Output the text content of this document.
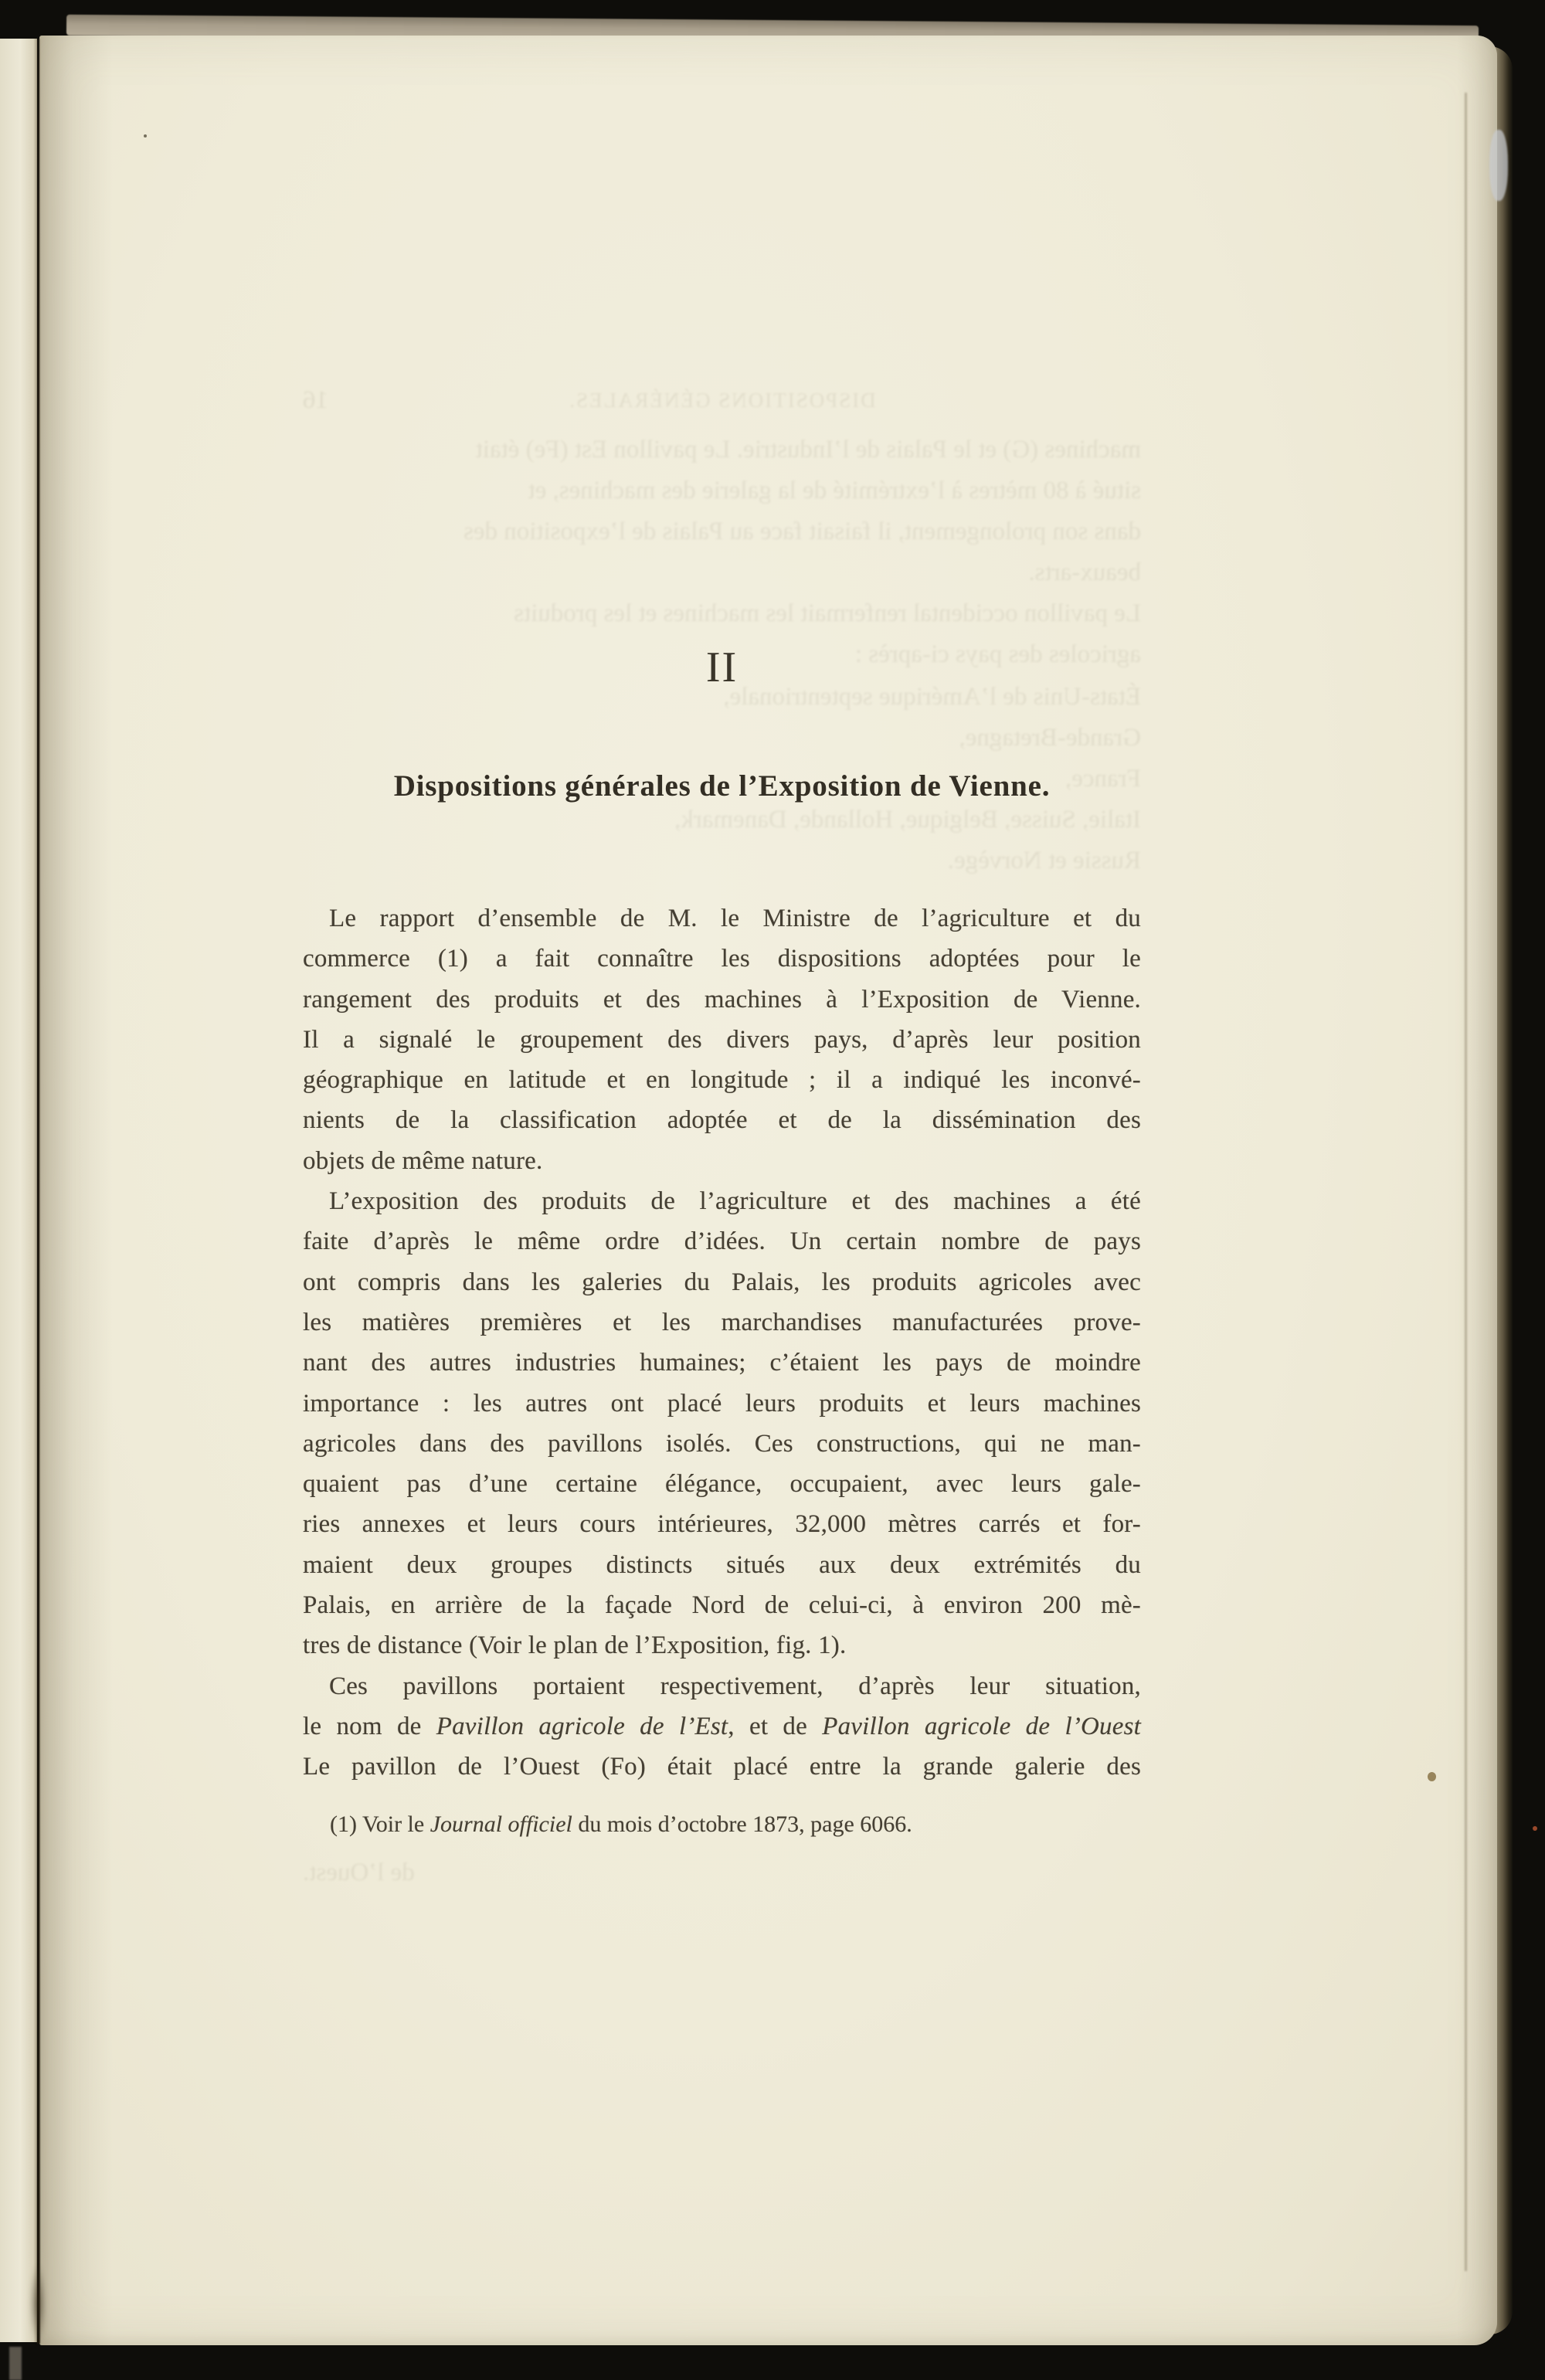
II
Dispositions générales de l’Exposition de Vienne.
Le rapport d’ensemble de M. le Ministre de l’agriculture et du
commerce (1) a fait connaître les dispositions adoptées pour le
rangement des produits et des machines à l’Exposition de Vienne.
Il a signalé le groupement des divers pays, d’après leur position
géographique en latitude et en longitude ; il a indiqué les inconvé-
nients de la classification adoptée et de la dissémination des
objets de même nature.
L’exposition des produits de l’agriculture et des machines a été
faite d’après le même ordre d’idées. Un certain nombre de pays
ont compris dans les galeries du Palais, les produits agricoles avec
les matières premières et les marchandises manufacturées prove-
nant des autres industries humaines; c’étaient les pays de moindre
importance : les autres ont placé leurs produits et leurs machines
agricoles dans des pavillons isolés. Ces constructions, qui ne man-
quaient pas d’une certaine élégance, occupaient, avec leurs gale-
ries annexes et leurs cours intérieures, 32,000 mètres carrés et for-
maient deux groupes distincts situés aux deux extrémités du
Palais, en arrière de la façade Nord de celui-ci, à environ 200 mè-
tres de distance (Voir le plan de l’Exposition, fig. 1).
Ces pavillons portaient respectivement, d’après leur situation,
le nom de Pavillon agricole de l’Est, et de Pavillon agricole de l’Ouest
Le pavillon de l’Ouest (Fo) était placé entre la grande galerie des
(1) Voir le Journal officiel du mois d’octobre 1873, page 6066.
